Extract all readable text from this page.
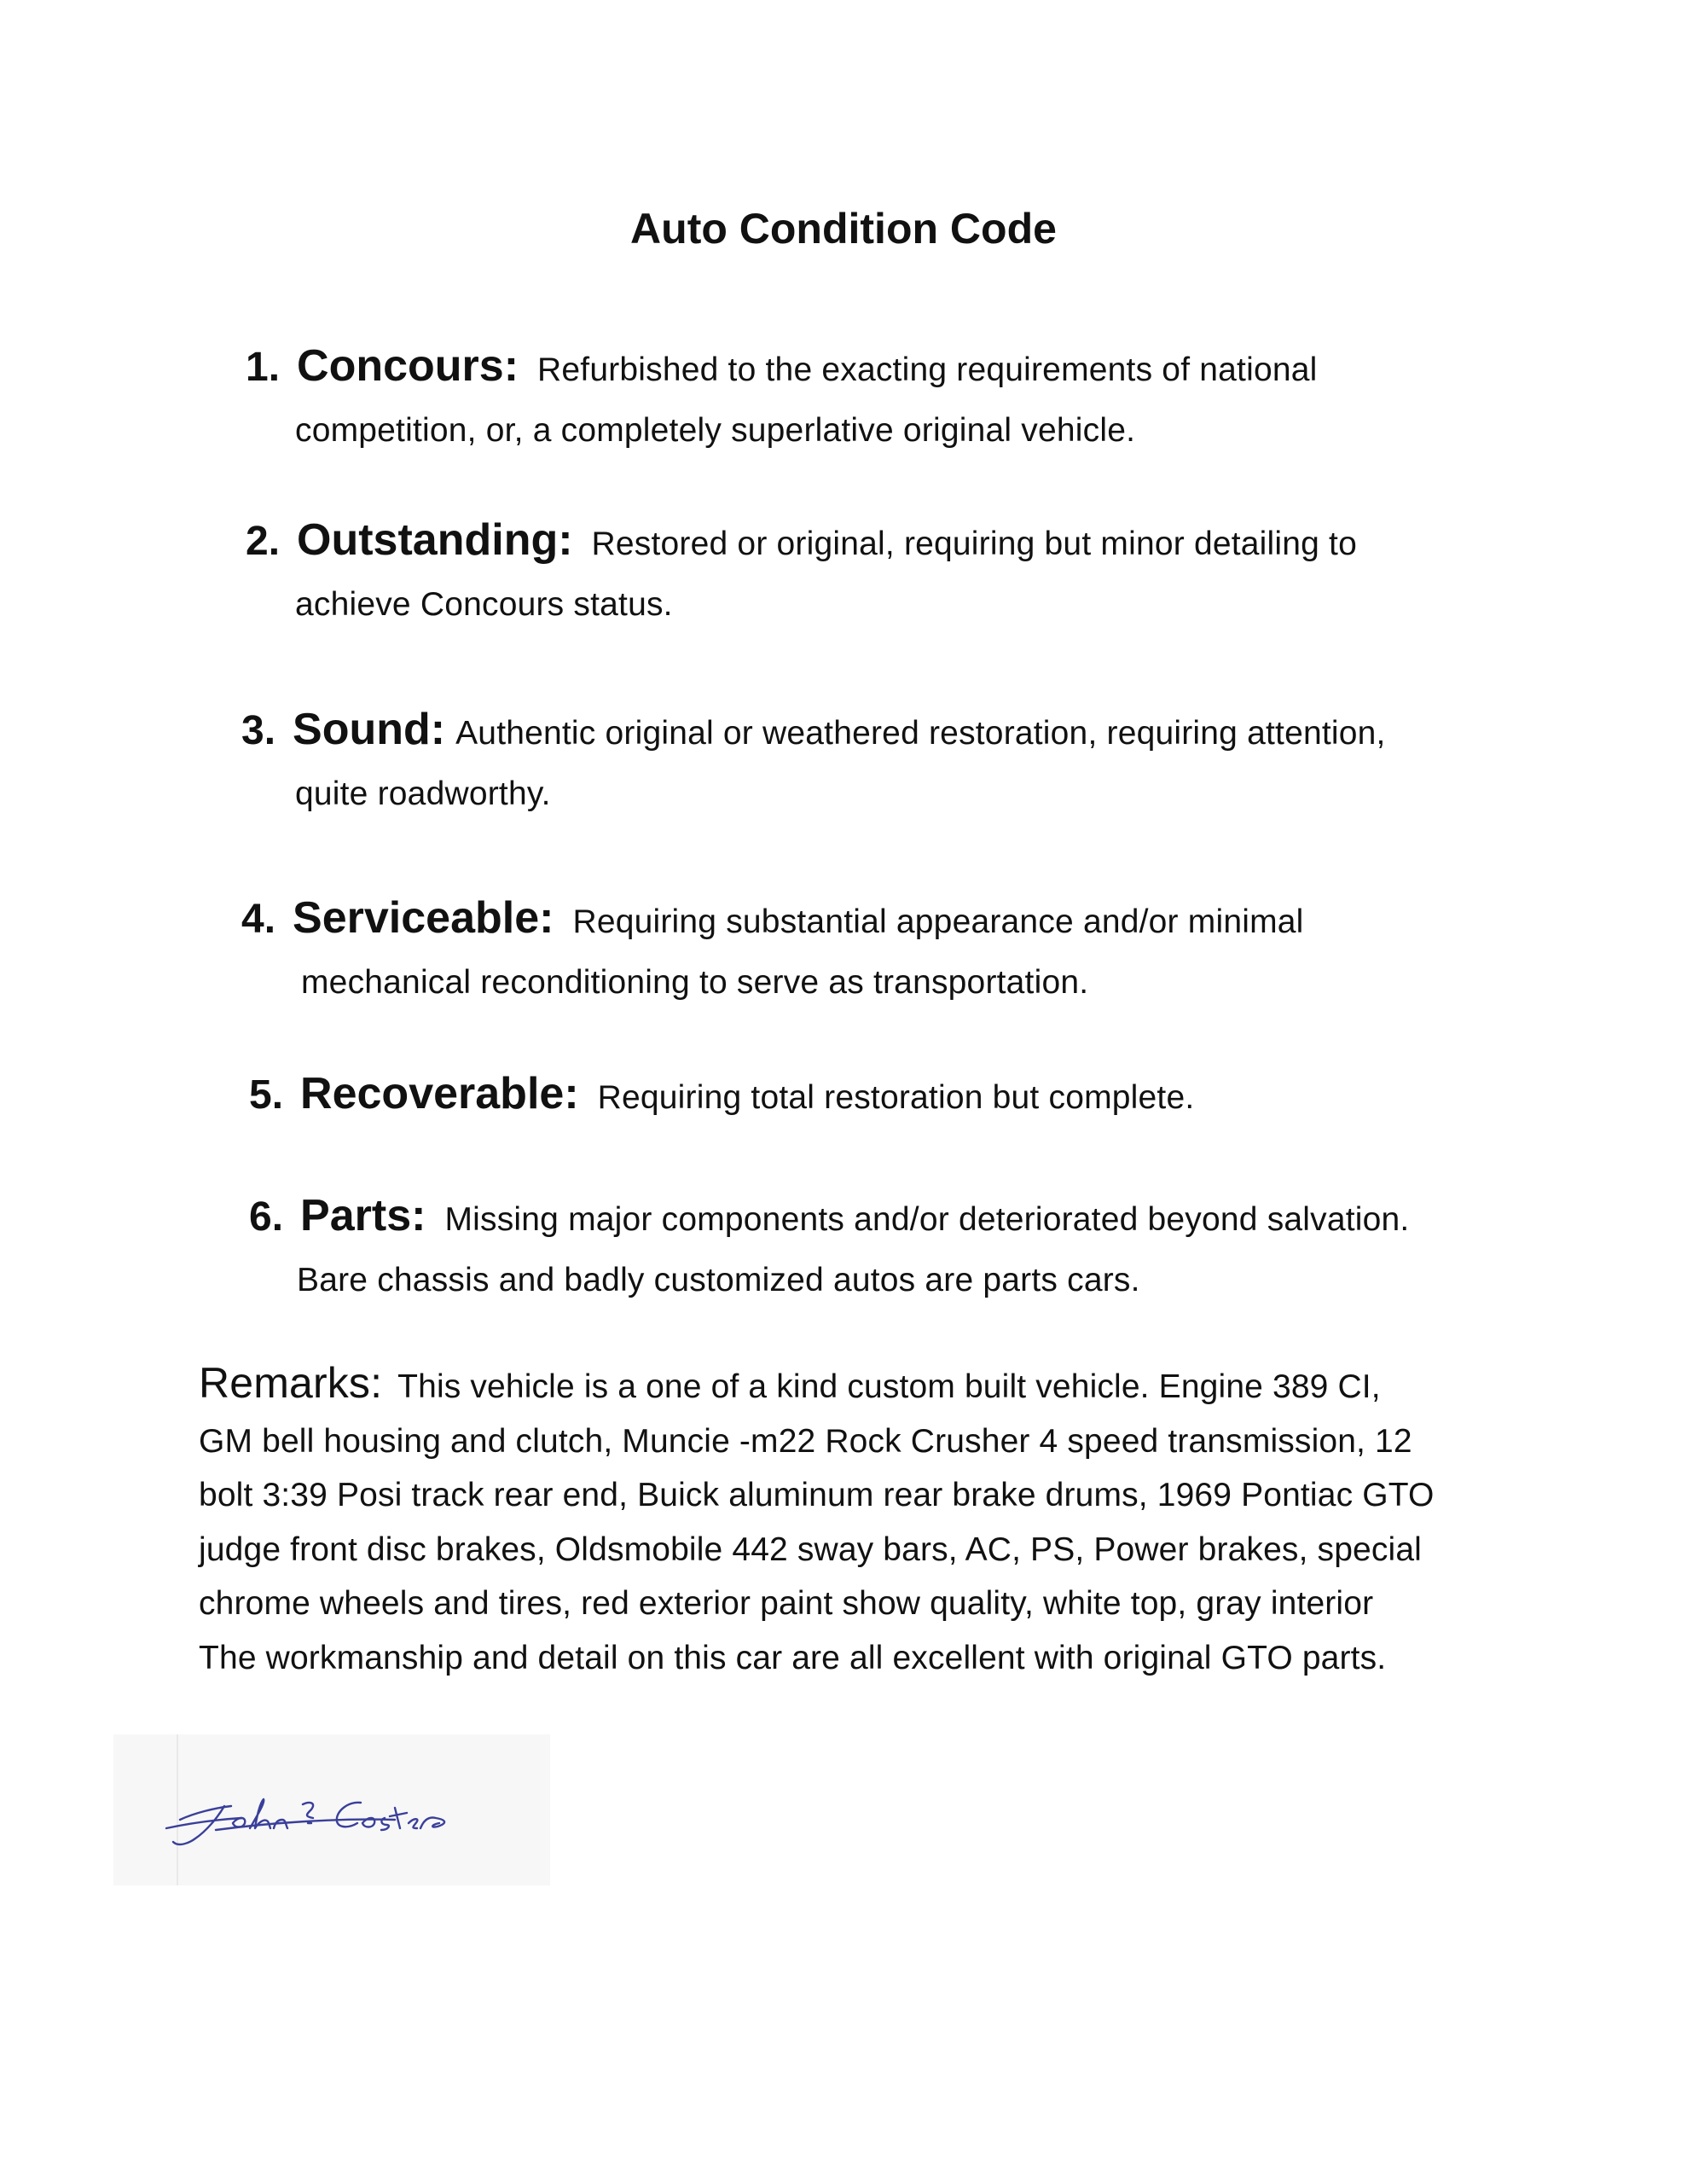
Auto Condition Code
1. Concours: Refurbished to the exacting requirements of national
competition, or, a completely superlative original vehicle.
2. Outstanding: Restored or original, requiring but minor detailing to
achieve Concours status.
3. Sound: Authentic original or weathered restoration, requiring attention,
quite roadworthy.
4. Serviceable: Requiring substantial appearance and/or minimal
mechanical reconditioning to serve as transportation.
5. Recoverable: Requiring total restoration but complete.
6. Parts: Missing major components and/or deteriorated beyond salvation.
Bare chassis and badly customized autos are parts cars.
Remarks: This vehicle is a one of a kind custom built vehicle. Engine 389 CI,
GM bell housing and clutch, Muncie -m22 Rock Crusher 4 speed transmission, 12
bolt 3:39 Posi track rear end, Buick aluminum rear brake drums, 1969 Pontiac GTO
judge front disc brakes, Oldsmobile 442 sway bars, AC, PS, Power brakes, special
chrome wheels and tires, red exterior paint show quality, white top, gray interior
The workmanship and detail on this car are all excellent with original GTO parts.
